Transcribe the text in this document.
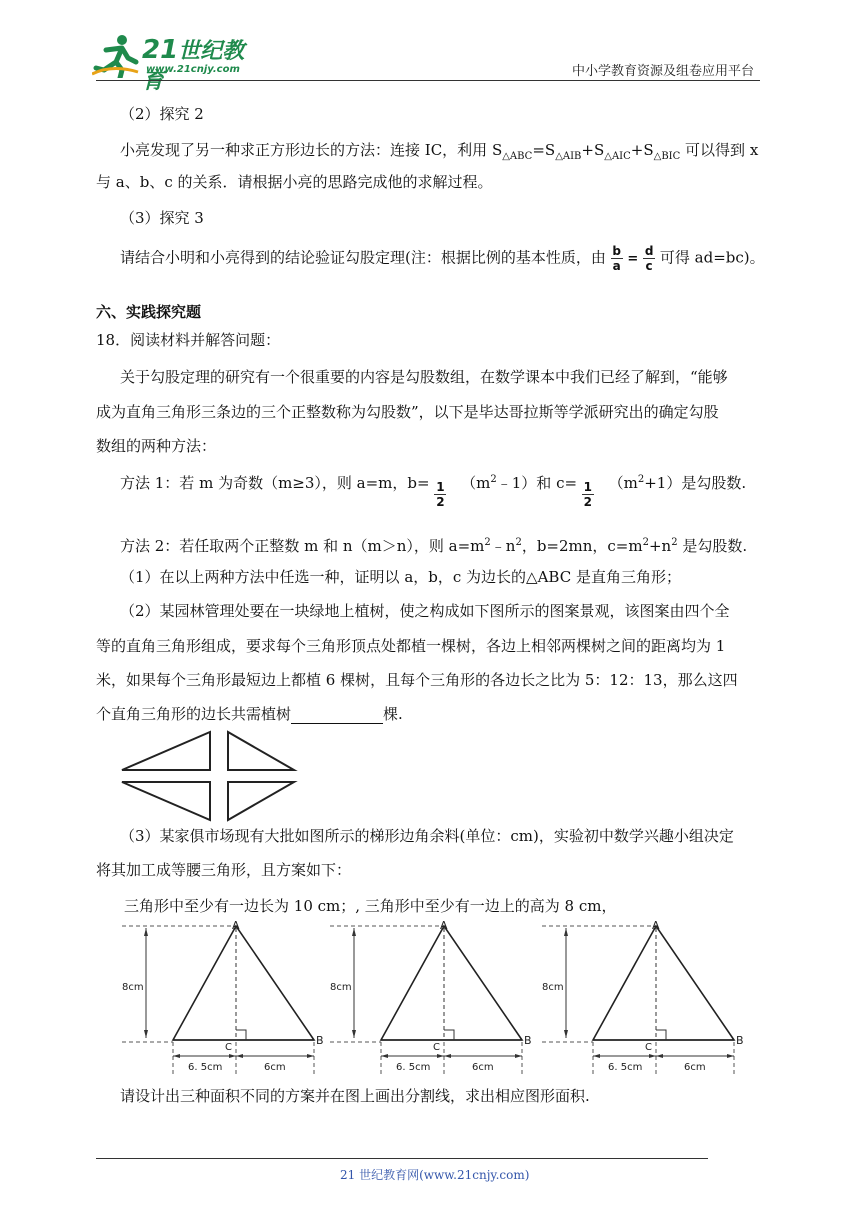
21世纪教育
www.21cnjy.com	中小学教育资源及组卷应用平台
（2）探究 2
小亮发现了另一种求正方形边长的方法：连接 IC，利用 $S_{\triangle ABC}=S_{\triangle AIB}+S_{\triangle AIC}+S_{\triangle BIC}$ 可以得到 x
与 a、b、c 的关系．请根据小亮的思路完成他的求解过程。
（3）探究 3
请结合小明和小亮得到的结论验证勾股定理(注：根据比例的基本性质，由 $\frac{b}{a} = \frac{d}{c}$ 可得 ad=bc)。
六、实践探究题
18．阅读材料并解答问题：
关于勾股定理的研究有一个很重要的内容是勾股数组，在数学课本中我们已经了解到，“能够
成为直角三角形三条边的三个正整数称为勾股数”，以下是毕达哥拉斯等学派研究出的确定勾股
数组的两种方法：
方法 1：若 m 为奇数（m≥3），则 a=m，$b= \frac{1}{2}$ $(m^2﹣1)$和 $c= \frac{1}{2} (m^2+1)$是勾股数.
方法 2：若任取两个正整数 m 和 n（m＞n），则 $a=m^2﹣n^2$，b=2mn，$c=m^2+n^2$ 是勾股数.
（1）在以上两种方法中任选一种，证明以 a，b，c 为边长的△ABC 是直角三角形；
（2）某园林管理处要在一块绿地上植树，使之构成如下图所示的图案景观，该图案由四个全
等的直角三角形组成，要求每个三角形顶点处都植一棵树，各边上相邻两棵树之间的距离均为 1
米，如果每个三角形最短边上都植 6 棵树，且每个三角形的各边长之比为 5：12：13，那么这四
个直角三角形的边长共需植树	棵.
（3）某家俱市场现有大批如图所示的梯形边角余料(单位：cm)，实验初中数学兴趣小组决定
将其加工成等腰三角形，且方案如下：
三角形中至少有一边长为 10 cm；, 三角形中至少有一边上的高为 8 cm，
A
B
C
8cm
6. 5cm	6cm
A
B
C
8cm
6. 5cm	6cm
A
B
C
8cm
6. 5cm	6cm
请设计出三种面积不同的方案并在图上画出分割线，求出相应图形面积.
21 世纪教育网(www.21cnjy.com)
